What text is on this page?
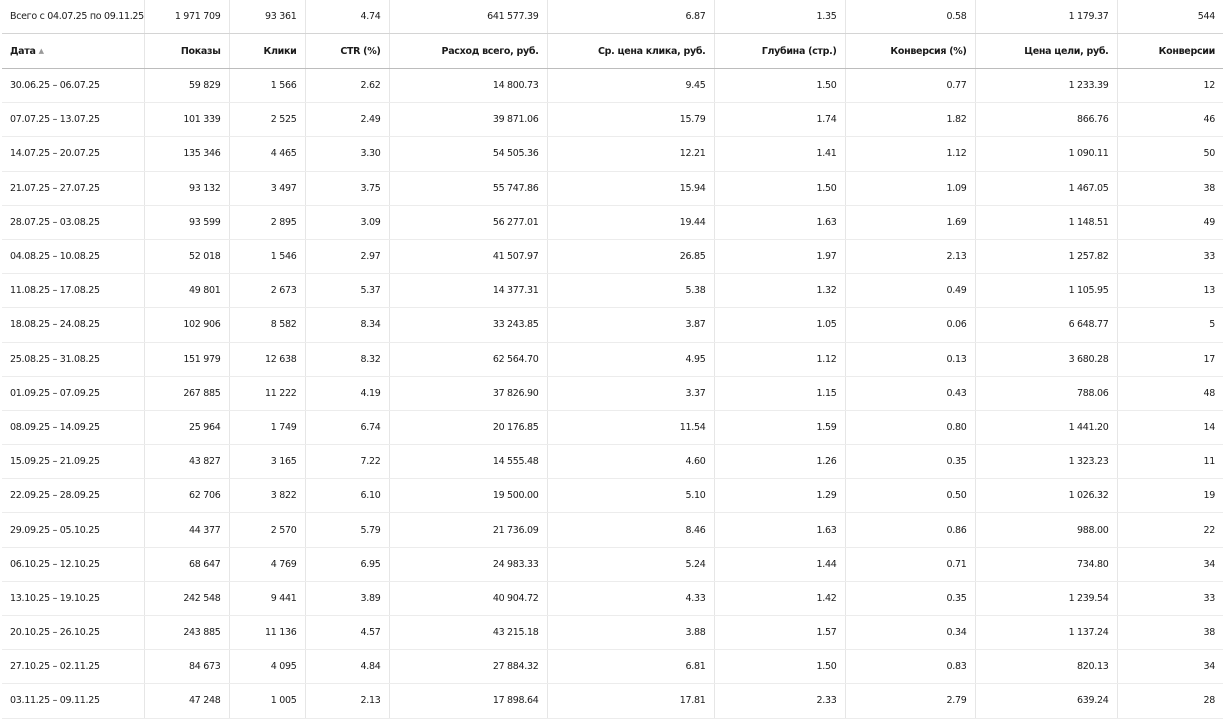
Всего с 04.07.25 по 09.11.25	1 971 709	93 361	4.74	641 577.39	6.87	1.35	0.58	1 179.37	544
Дата ▲	Показы	Клики	CTR (%)	Расход всего, руб.	Ср. цена клика, руб.	Глубина (стр.)	Конверсия (%)	Цена цели, руб.	Конверсии
30.06.25 – 06.07.25	59 829	1 566	2.62	14 800.73	9.45	1.50	0.77	1 233.39	12
07.07.25 – 13.07.25	101 339	2 525	2.49	39 871.06	15.79	1.74	1.82	866.76	46
14.07.25 – 20.07.25	135 346	4 465	3.30	54 505.36	12.21	1.41	1.12	1 090.11	50
21.07.25 – 27.07.25	93 132	3 497	3.75	55 747.86	15.94	1.50	1.09	1 467.05	38
28.07.25 – 03.08.25	93 599	2 895	3.09	56 277.01	19.44	1.63	1.69	1 148.51	49
04.08.25 – 10.08.25	52 018	1 546	2.97	41 507.97	26.85	1.97	2.13	1 257.82	33
11.08.25 – 17.08.25	49 801	2 673	5.37	14 377.31	5.38	1.32	0.49	1 105.95	13
18.08.25 – 24.08.25	102 906	8 582	8.34	33 243.85	3.87	1.05	0.06	6 648.77	5
25.08.25 – 31.08.25	151 979	12 638	8.32	62 564.70	4.95	1.12	0.13	3 680.28	17
01.09.25 – 07.09.25	267 885	11 222	4.19	37 826.90	3.37	1.15	0.43	788.06	48
08.09.25 – 14.09.25	25 964	1 749	6.74	20 176.85	11.54	1.59	0.80	1 441.20	14
15.09.25 – 21.09.25	43 827	3 165	7.22	14 555.48	4.60	1.26	0.35	1 323.23	11
22.09.25 – 28.09.25	62 706	3 822	6.10	19 500.00	5.10	1.29	0.50	1 026.32	19
29.09.25 – 05.10.25	44 377	2 570	5.79	21 736.09	8.46	1.63	0.86	988.00	22
06.10.25 – 12.10.25	68 647	4 769	6.95	24 983.33	5.24	1.44	0.71	734.80	34
13.10.25 – 19.10.25	242 548	9 441	3.89	40 904.72	4.33	1.42	0.35	1 239.54	33
20.10.25 – 26.10.25	243 885	11 136	4.57	43 215.18	3.88	1.57	0.34	1 137.24	38
27.10.25 – 02.11.25	84 673	4 095	4.84	27 884.32	6.81	1.50	0.83	820.13	34
03.11.25 – 09.11.25	47 248	1 005	2.13	17 898.64	17.81	2.33	2.79	639.24	28
